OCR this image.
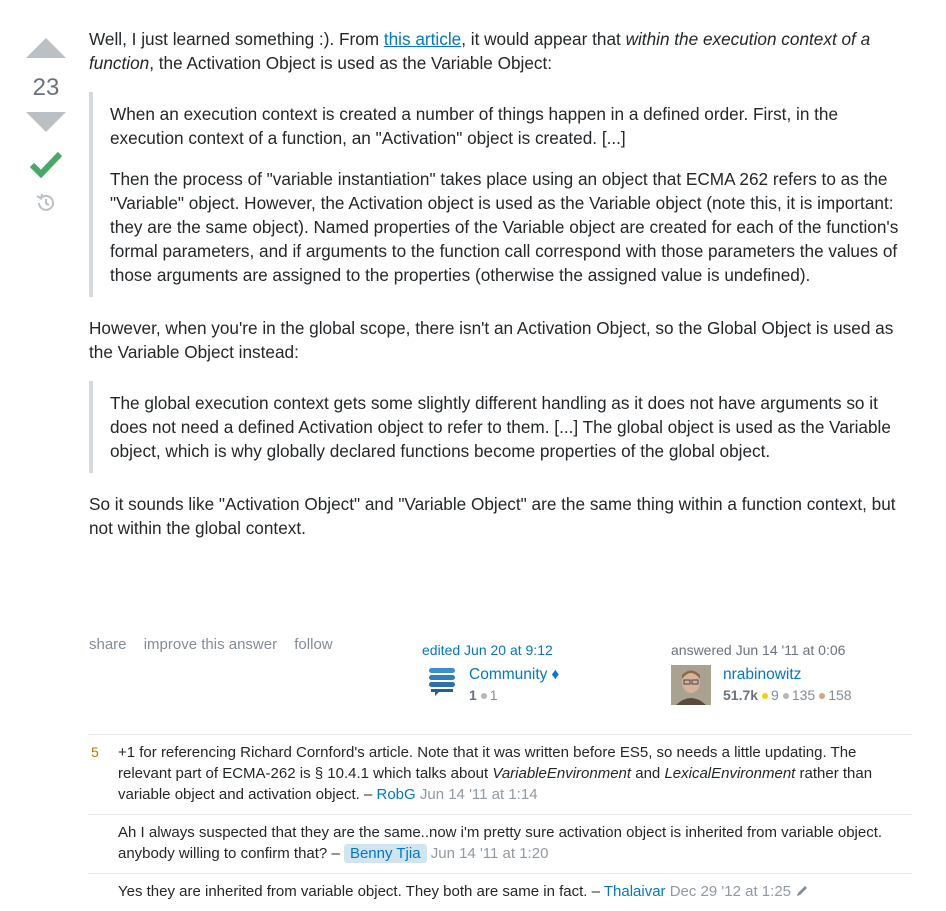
23

Well, I just learned something :). From this article, it would appear that within the execution context of a function, the Activation Object is used as the Variable Object:

When an execution context is created a number of things happen in a defined order. First, in the execution context of a function, an "Activation" object is created. [...]

Then the process of "variable instantiation" takes place using an object that ECMA 262 refers to as the "Variable" object. However, the Activation object is used as the Variable object (note this, it is important: they are the same object). Named properties of the Variable object are created for each of the function's formal parameters, and if arguments to the function call correspond with those parameters the values of those arguments are assigned to the properties (otherwise the assigned value is undefined).

However, when you're in the global scope, there isn't an Activation Object, so the Global Object is used as the Variable Object instead:

The global execution context gets some slightly different handling as it does not have arguments so it does not need a defined Activation object to refer to them. [...] The global object is used as the Variable object, which is why globally declared functions become properties of the global object.

So it sounds like "Activation Object" and "Variable Object" are the same thing within a function context, but not within the global context.

share improve this answer follow	edited Jun 20 at 9:12
Community ♦
1 1
answered Jun 14 '11 at 0:06
nrabinowitz
51.7k 9 135 158
5	+1 for referencing Richard Cornford's article. Note that it was written before ES5, so needs a little updating. The relevant part of ECMA-262 is § 10.4.1 which talks about VariableEnvironment and LexicalEnvironment rather than variable object and activation object. – RobG Jun 14 '11 at 1:14
Ah I always suspected that they are the same..now i'm pretty sure activation object is inherited from variable object. anybody willing to confirm that? – Benny Tjia Jun 14 '11 at 1:20
Yes they are inherited from variable object. They both are same in fact. – Thalaivar Dec 29 '12 at 1:25
